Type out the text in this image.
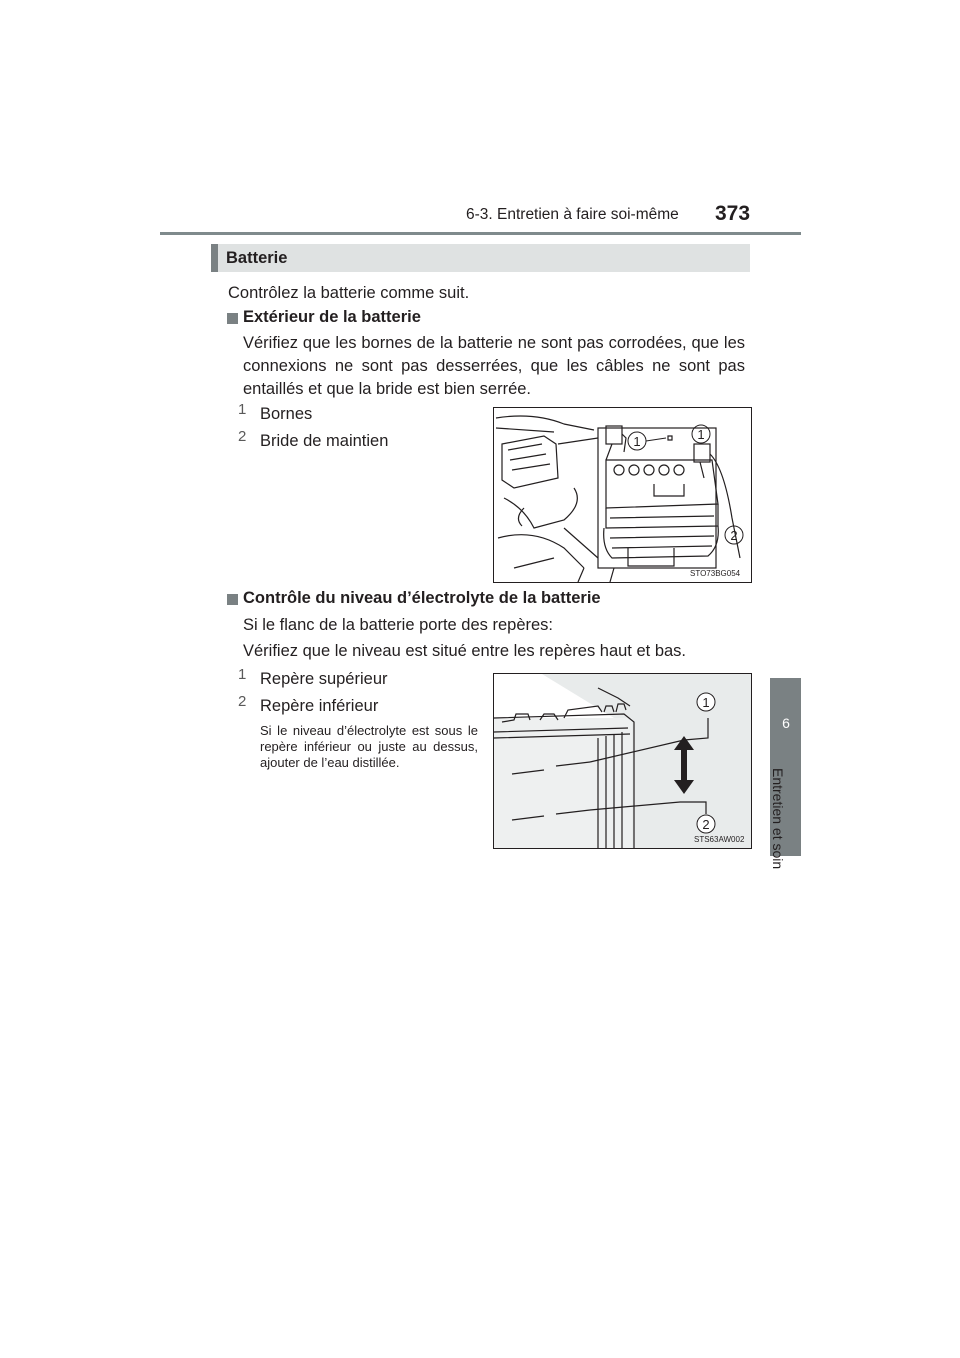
6-3. Entretien à faire soi-même 373
6
Entretien et soin
Batterie
Contrôlez la batterie comme suit.
Extérieur de la batterie
Vérifiez que les bornes de la batterie ne sont pas corrodées, que les connexions ne sont pas desserrées, que les câbles ne sont pas entaillés et que la bride est bien serrée.
1 Bornes
2 Bride de maintien	1	1
2
STO73BG054
Contrôle du niveau d’électrolyte de la batterie
Si le flanc de la batterie porte des repères:
Vérifiez que le niveau est situé entre les repères haut et bas.
1 Repère supérieur
2 Repère inférieur
Si le niveau d’électrolyte est sous le repère inférieur ou juste au dessus, ajouter de l’eau distillée.
1
2
STS63AW002
